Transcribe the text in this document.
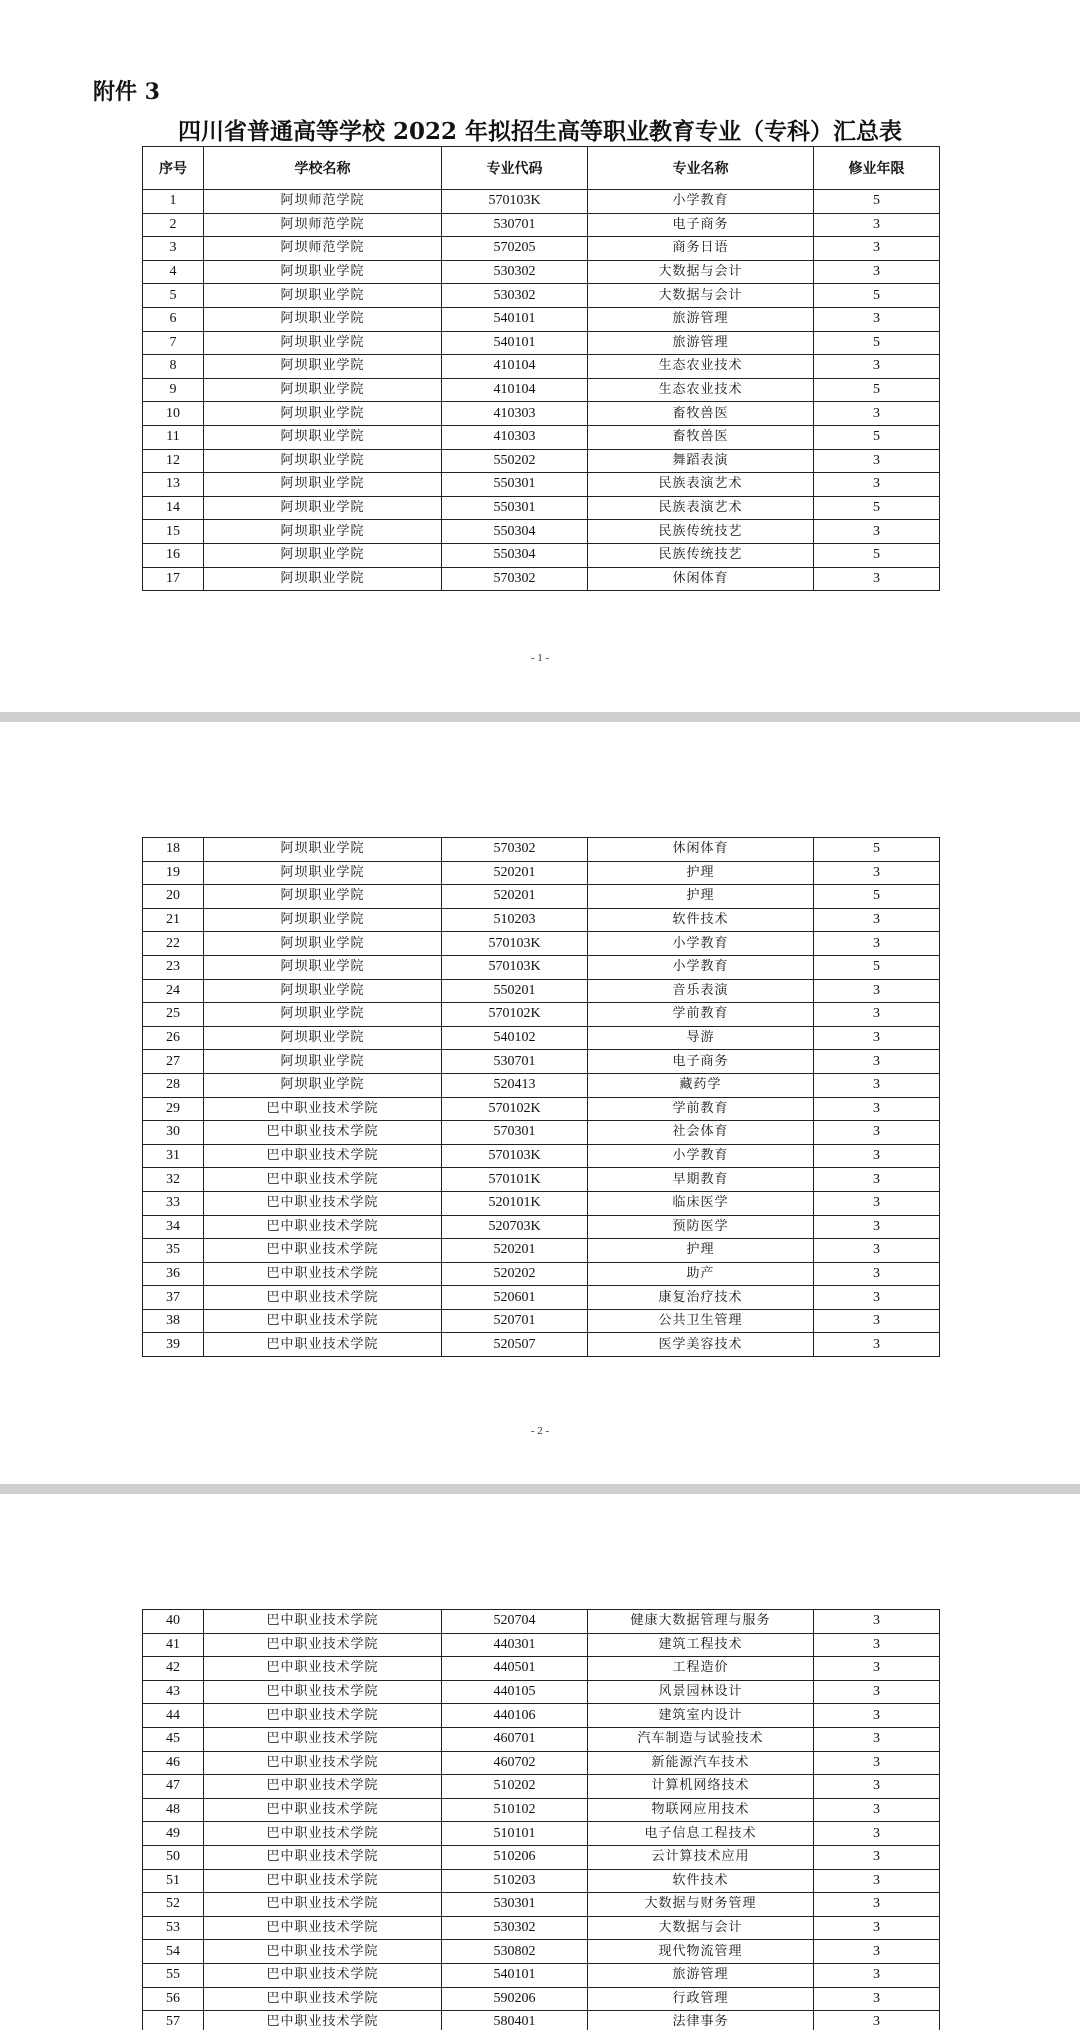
附件 3
四川省普通高等学校 2022 年拟招生高等职业教育专业（专科）汇总表
序号	学校名称	专业代码	专业名称	修业年限
1	阿坝师范学院	570103K	小学教育	5
2	阿坝师范学院	530701	电子商务	3
3	阿坝师范学院	570205	商务日语	3
4	阿坝职业学院	530302	大数据与会计	3
5	阿坝职业学院	530302	大数据与会计	5
6	阿坝职业学院	540101	旅游管理	3
7	阿坝职业学院	540101	旅游管理	5
8	阿坝职业学院	410104	生态农业技术	3
9	阿坝职业学院	410104	生态农业技术	5
10	阿坝职业学院	410303	畜牧兽医	3
11	阿坝职业学院	410303	畜牧兽医	5
12	阿坝职业学院	550202	舞蹈表演	3
13	阿坝职业学院	550301	民族表演艺术	3
14	阿坝职业学院	550301	民族表演艺术	5
15	阿坝职业学院	550304	民族传统技艺	3
16	阿坝职业学院	550304	民族传统技艺	5
17	阿坝职业学院	570302	休闲体育	3
- 1 -
18	阿坝职业学院	570302	休闲体育	5
19	阿坝职业学院	520201	护理	3
20	阿坝职业学院	520201	护理	5
21	阿坝职业学院	510203	软件技术	3
22	阿坝职业学院	570103K	小学教育	3
23	阿坝职业学院	570103K	小学教育	5
24	阿坝职业学院	550201	音乐表演	3
25	阿坝职业学院	570102K	学前教育	3
26	阿坝职业学院	540102	导游	3
27	阿坝职业学院	530701	电子商务	3
28	阿坝职业学院	520413	藏药学	3
29	巴中职业技术学院	570102K	学前教育	3
30	巴中职业技术学院	570301	社会体育	3
31	巴中职业技术学院	570103K	小学教育	3
32	巴中职业技术学院	570101K	早期教育	3
33	巴中职业技术学院	520101K	临床医学	3
34	巴中职业技术学院	520703K	预防医学	3
35	巴中职业技术学院	520201	护理	3
36	巴中职业技术学院	520202	助产	3
37	巴中职业技术学院	520601	康复治疗技术	3
38	巴中职业技术学院	520701	公共卫生管理	3
39	巴中职业技术学院	520507	医学美容技术	3
- 2 -
40	巴中职业技术学院	520704	健康大数据管理与服务	3
41	巴中职业技术学院	440301	建筑工程技术	3
42	巴中职业技术学院	440501	工程造价	3
43	巴中职业技术学院	440105	风景园林设计	3
44	巴中职业技术学院	440106	建筑室内设计	3
45	巴中职业技术学院	460701	汽车制造与试验技术	3
46	巴中职业技术学院	460702	新能源汽车技术	3
47	巴中职业技术学院	510202	计算机网络技术	3
48	巴中职业技术学院	510102	物联网应用技术	3
49	巴中职业技术学院	510101	电子信息工程技术	3
50	巴中职业技术学院	510206	云计算技术应用	3
51	巴中职业技术学院	510203	软件技术	3
52	巴中职业技术学院	530301	大数据与财务管理	3
53	巴中职业技术学院	530302	大数据与会计	3
54	巴中职业技术学院	530802	现代物流管理	3
55	巴中职业技术学院	540101	旅游管理	3
56	巴中职业技术学院	590206	行政管理	3
57	巴中职业技术学院	580401	法律事务	3
